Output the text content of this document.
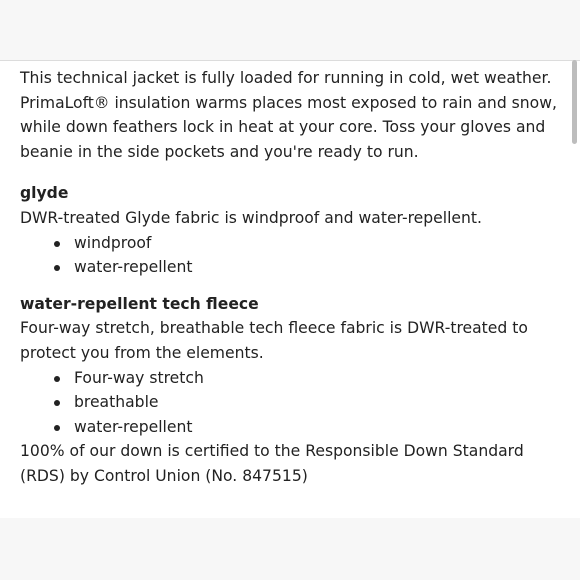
This technical jacket is fully loaded for running in cold, wet weather. PrimaLoft® insulation warms places most exposed to rain and snow, while down feathers lock in heat at your core. Toss your gloves and beanie in the side pockets and you're ready to run.

glyde

DWR-treated Glyde fabric is windproof and water-repellent.

windproof
water-repellent

water-repellent tech fleece

Four-way stretch, breathable tech fleece fabric is DWR-treated to protect you from the elements.

Four-way stretch
breathable
water-repellent

100% of our down is certified to the Responsible Down Standard (RDS) by Control Union (No. 847515)
